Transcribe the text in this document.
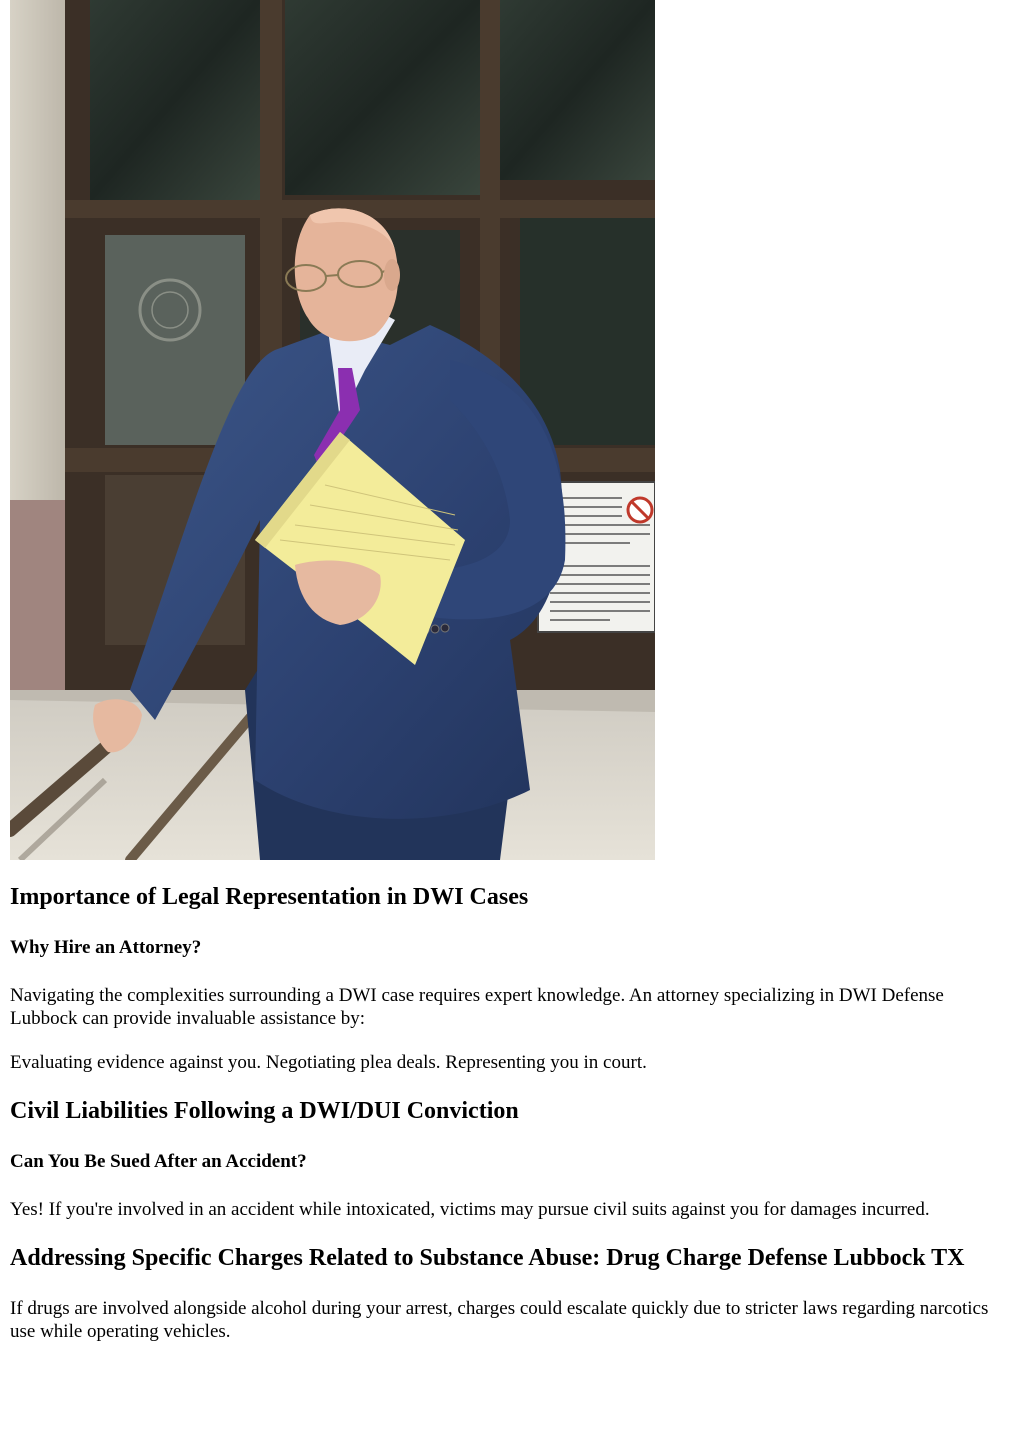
Importance of Legal Representation in DWI Cases
Why Hire an Attorney?

Navigating the complexities surrounding a DWI case requires expert knowledge. An attorney specializing in DWI Defense Lubbock can provide invaluable assistance by:

Evaluating evidence against you. Negotiating plea deals. Representing you in court.

Civil Liabilities Following a DWI/DUI Conviction
Can You Be Sued After an Accident?

Yes! If you're involved in an accident while intoxicated, victims may pursue civil suits against you for damages incurred.

Addressing Specific Charges Related to Substance Abuse: Drug Charge Defense Lubbock TX

If drugs are involved alongside alcohol during your arrest, charges could escalate quickly due to stricter laws regarding narcotics use while operating vehicles.
